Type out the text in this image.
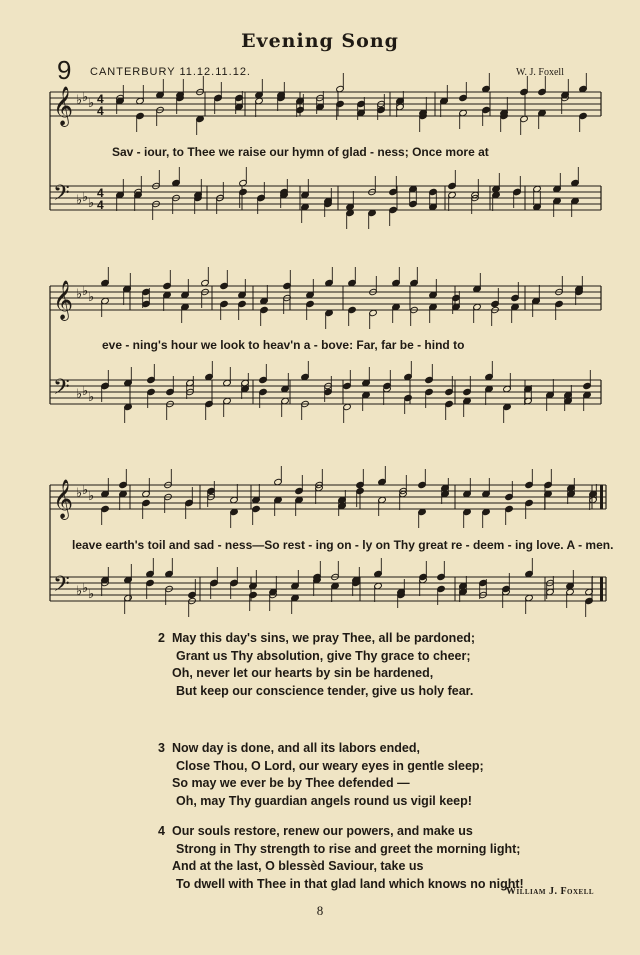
Evening Song
9 CANTERBURY 11.12.11.12.	W. J. Foxell
𝄞 ♭ ♭ ♭ 4
4
𝄢 ♭ ♭ ♭
4
4
𝄞 ♭ ♭ ♭
𝄢 ♭ ♭ ♭
𝄞 ♭ ♭ ♭
𝄢 ♭ ♭ ♭
Sav - iour, to Thee we raise our hymn of glad - ness; Once more at
eve - ning's hour we look to heav'n a - bove: Far, far be - hind to
leave earth's toil and sad - ness—So rest - ing on - ly on Thy great re - deem - ing love. A - men.
2 May this day's sins, we pray Thee, all be pardoned;
Grant us Thy absolution, give Thy grace to cheer;
Oh, never let our hearts by sin be hardened,
But keep our conscience tender, give us holy fear.
3 Now day is done, and all its labors ended,
Close Thou, O Lord, our weary eyes in gentle sleep;
So may we ever be by Thee defended —
Oh, may Thy guardian angels round us vigil keep!
4 Our souls restore, renew our powers, and make us
Strong in Thy strength to rise and greet the morning light;
And at the last, O blessèd Saviour, take us
To dwell with Thee in that glad land which knows no night!
William J. Foxell
8
